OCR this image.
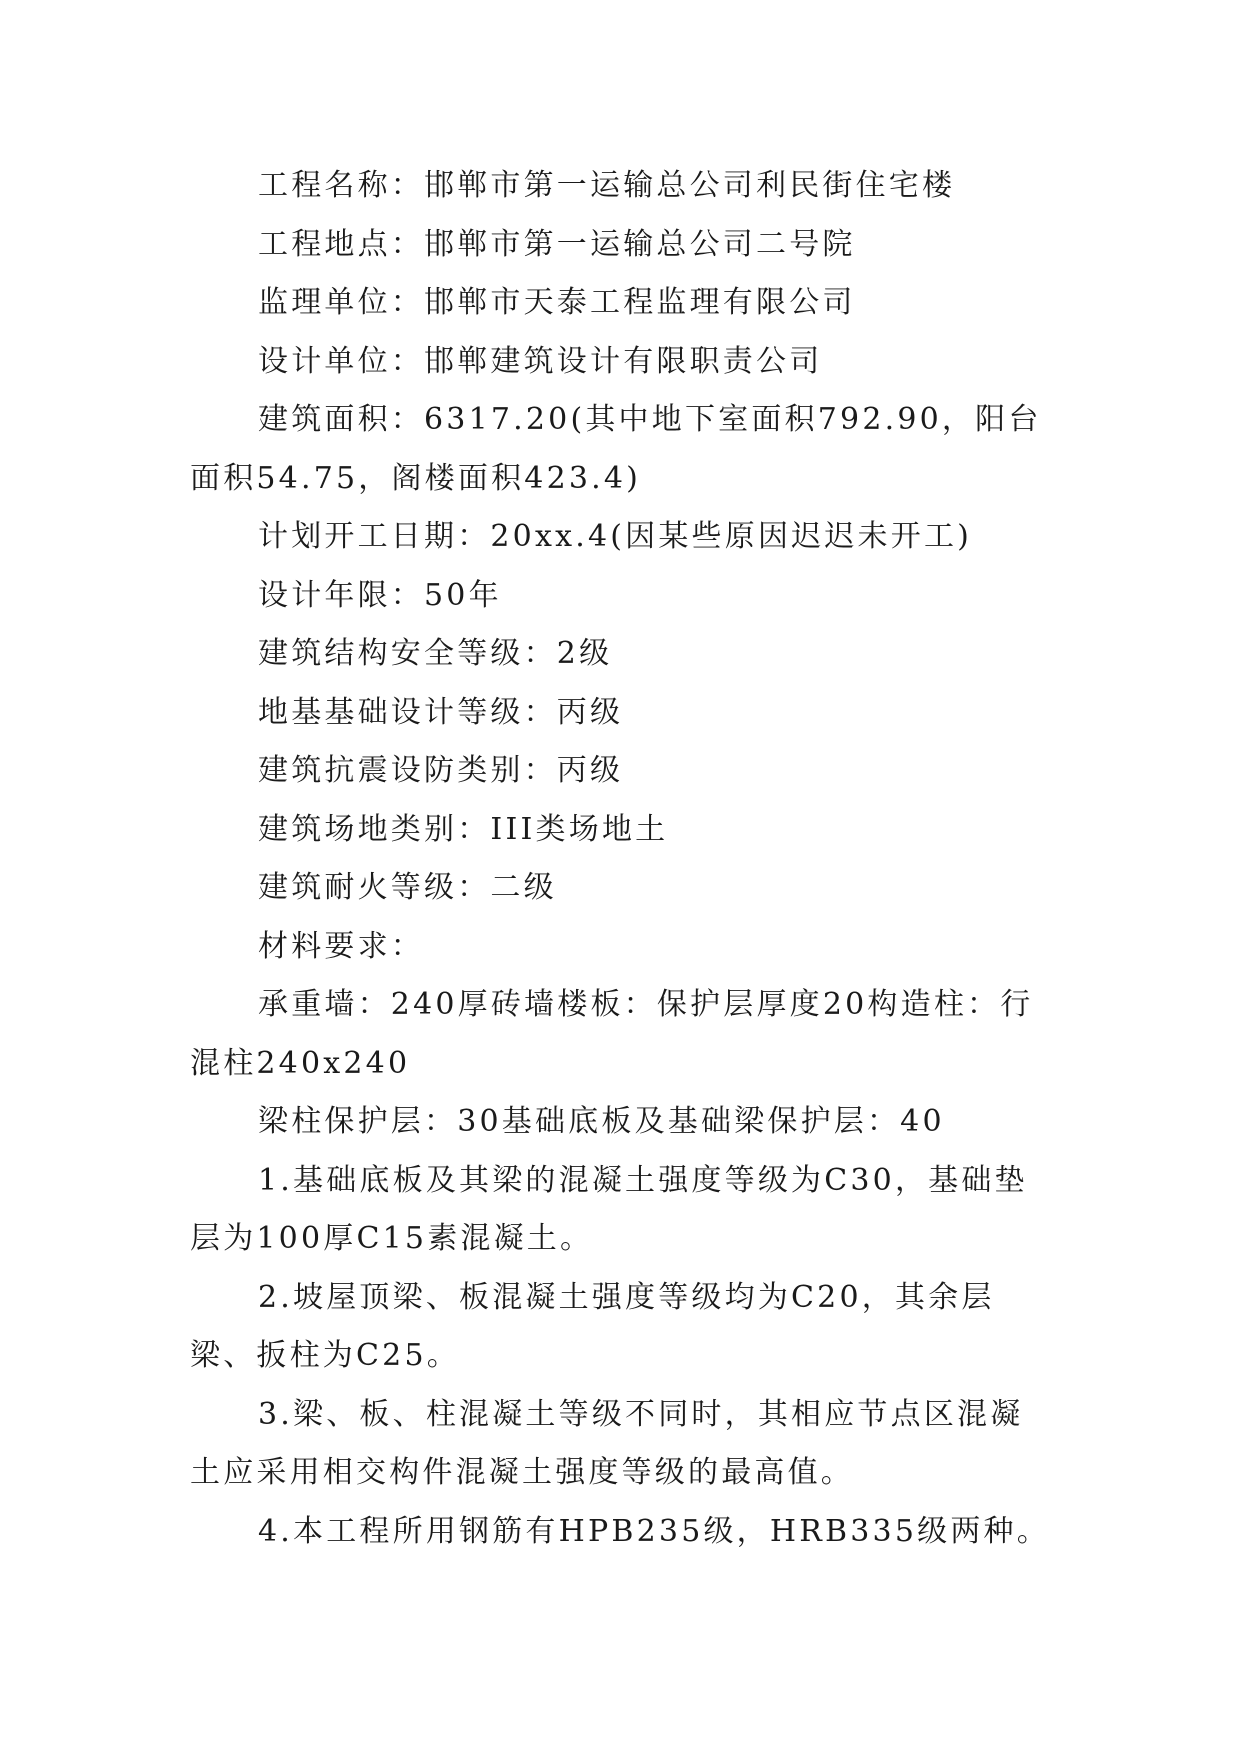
工程名称：邯郸市第一运输总公司利民街住宅楼

工程地点：邯郸市第一运输总公司二号院

监理单位：邯郸市天泰工程监理有限公司

设计单位：邯郸建筑设计有限职责公司

建筑面积：6317.20(其中地下室面积792.90，阳台面积54.75，阁楼面积423.4)

计划开工日期：20xx.4(因某些原因迟迟未开工)

设计年限：50年

建筑结构安全等级：2级

地基基础设计等级：丙级

建筑抗震设防类别：丙级

建筑场地类别：III类场地土

建筑耐火等级：二级

材料要求：

承重墙：240厚砖墙楼板：保护层厚度20构造柱：行混柱240x240

梁柱保护层：30基础底板及基础梁保护层：40

1.基础底板及其梁的混凝土强度等级为C30，基础垫层为100厚C15素混凝土。

2.坡屋顶梁、板混凝土强度等级均为C20，其余层梁、扳柱为C25。

3.梁、板、柱混凝土等级不同时，其相应节点区混凝土应采用相交构件混凝土强度等级的最高值。

4.本工程所用钢筋有HPB235级，HRB335级两种。
